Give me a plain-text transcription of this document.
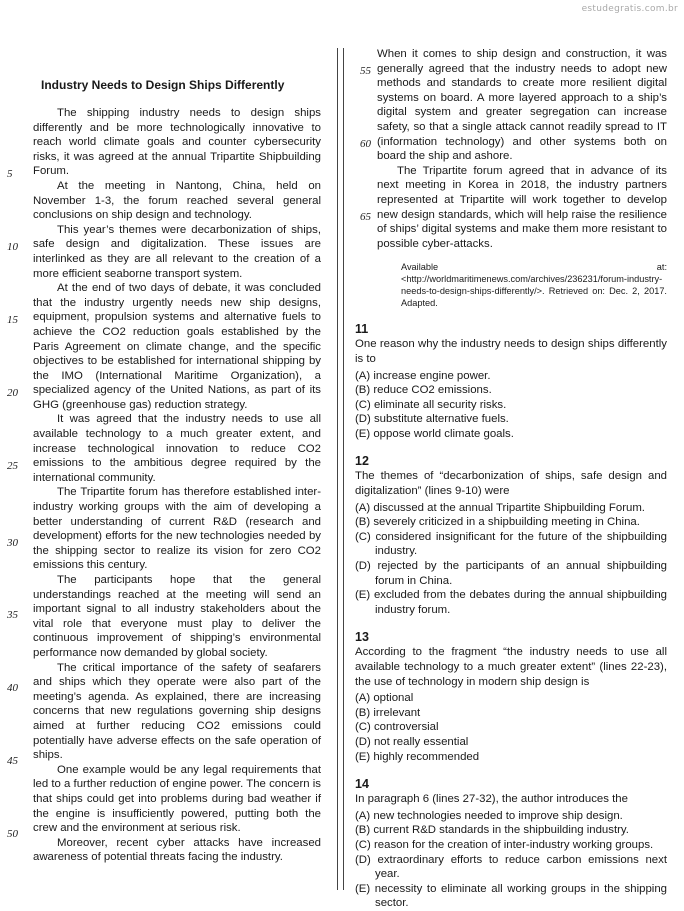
estudegratis.com.br
5
10
15
20
25
30
35
40
45
50
55
60
65
Industry Needs to Design Ships Differently

The shipping industry needs to design ships differently and be more technologically innovative to reach world climate goals and counter cybersecurity risks, it was agreed at the annual Tripartite Shipbuilding Forum.

At the meeting in Nantong, China, held on November 1-3, the forum reached several general conclusions on ship design and technology.

This year’s themes were decarbonization of ships, safe design and digitalization. These issues are interlinked as they are all relevant to the creation of a more efficient seaborne transport system.

At the end of two days of debate, it was concluded that the industry urgently needs new ship designs, equipment, propulsion systems and alternative fuels to achieve the CO2 reduction goals established by the Paris Agreement on climate change, and the specific objectives to be established for international shipping by the IMO (International Maritime Organization), a specialized agency of the United Nations, as part of its GHG (greenhouse gas) reduction strategy.

It was agreed that the industry needs to use all available technology to a much greater extent, and increase technological innovation to reduce CO2 emissions to the ambitious degree required by the international community.

The Tripartite forum has therefore established inter-industry working groups with the aim of developing a better understanding of current R&D (research and development) efforts for the new technologies needed by the shipping sector to realize its vision for zero CO2 emissions this century.

The participants hope that the general understandings reached at the meeting will send an important signal to all industry stakeholders about the vital role that everyone must play to deliver the continuous improvement of shipping’s environmental performance now demanded by global society.

The critical importance of the safety of seafarers and ships which they operate were also part of the meeting’s agenda. As explained, there are increasing concerns that new regulations governing ship designs aimed at further reducing CO2 emissions could potentially have adverse effects on the safe operation of ships.

One example would be any legal requirements that led to a further reduction of engine power. The concern is that ships could get into problems during bad weather if the engine is insufficiently powered, putting both the crew and the environment at serious risk.

Moreover, recent cyber attacks have increased awareness of potential threats facing the industry.

When it comes to ship design and construction, it was generally agreed that the industry needs to adopt new methods and standards to create more resilient digital systems on board. A more layered approach to a ship’s digital system and greater segregation can increase safety, so that a single attack cannot readily spread to IT (information technology) and other systems both on board the ship and ashore.

The Tripartite forum agreed that in advance of its next meeting in Korea in 2018, the industry partners represented at Tripartite will work together to develop new design standards, which will help raise the resilience of ships’ digital systems and make them more resistant to possible cyber-attacks.

Available at: <http://worldmaritimenews.com/archives/236231/forum-industry-needs-to-design-ships-differently/>. Retrieved on: Dec. 2, 2017. Adapted.

11

One reason why the industry needs to design ships differently is to

(A) increase engine power.

(B) reduce CO2 emissions.

(C) eliminate all security risks.

(D) substitute alternative fuels.

(E) oppose world climate goals.

12

The themes of “decarbonization of ships, safe design and digitalization” (lines 9-10) were

(A) discussed at the annual Tripartite Shipbuilding Forum.

(B) severely criticized in a shipbuilding meeting in China.

(C) considered insignificant for the future of the shipbuilding industry.

(D) rejected by the participants of an annual shipbuilding forum in China.

(E) excluded from the debates during the annual shipbuilding industry forum.

13

According to the fragment “the industry needs to use all available technology to a much greater extent” (lines 22-23), the use of technology in modern ship design is

(A) optional

(B) irrelevant

(C) controversial

(D) not really essential

(E) highly recommended

14

In paragraph 6 (lines 27-32), the author introduces the

(A) new technologies needed to improve ship design.

(B) current R&D standards in the shipbuilding industry.

(C) reason for the creation of inter-industry working groups.

(D) extraordinary efforts to reduce carbon emissions next year.

(E) necessity to eliminate all working groups in the shipping sector.
